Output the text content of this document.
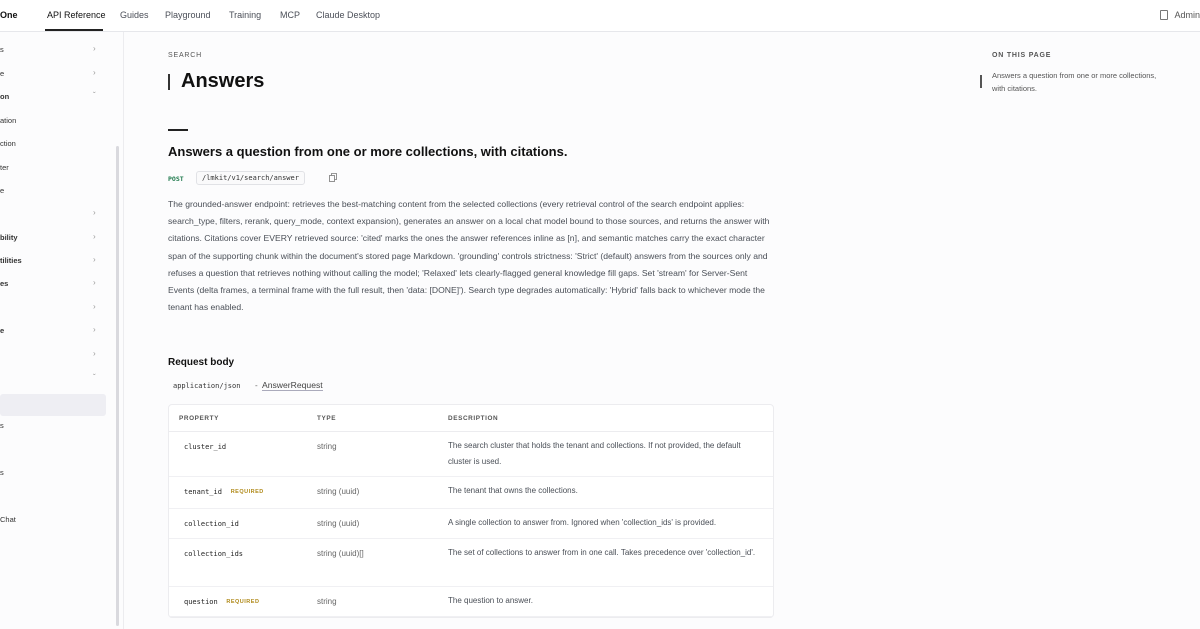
One	API Reference Guides Playground Training MCP Claude Desktop	Admin
s	›
e	›
on	ˇ
ation
ction
ter
e
›
bility	›
tilities	›
es	›
›
e	›
›
ˇ
s
s
Chat
SEARCH
Answers
Answers a question from one or more collections, with citations.
POST	/lmkit/v1/search/answer

The grounded-answer endpoint: retrieves the best-matching content from the selected collections (every retrieval control of the search endpoint applies: search_type, filters, rerank, query_mode, context expansion), generates an answer on a local chat model bound to those sources, and returns the answer with citations. Citations cover EVERY retrieved source: 'cited' marks the ones the answer references inline as [n], and semantic matches carry the exact character span of the supporting chunk within the document's stored page Markdown. 'grounding' controls strictness: 'Strict' (default) answers from the sources only and refuses a question that retrieves nothing without calling the model; 'Relaxed' lets clearly-flagged general knowledge fill gaps. Set 'stream' for Server-Sent Events (delta frames, a terminal frame with the full result, then 'data: [DONE]'). Search type degrades automatically: 'Hybrid' falls back to whichever mode the tenant has enabled.

Request body
application/json - AnswerRequest
PROPERTY	TYPE	DESCRIPTION
cluster_id	string	The search cluster that holds the tenant and collections. If not provided, the default cluster is used.
tenant_id REQUIRED	string (uuid)	The tenant that owns the collections.
collection_id	string (uuid)	A single collection to answer from. Ignored when 'collection_ids' is provided.
collection_ids	string (uuid)[]	The set of collections to answer from in one call. Takes precedence over 'collection_id'.
question REQUIRED	string	The question to answer.
ON THIS PAGE
Answers a question from one or more collections, with citations.
